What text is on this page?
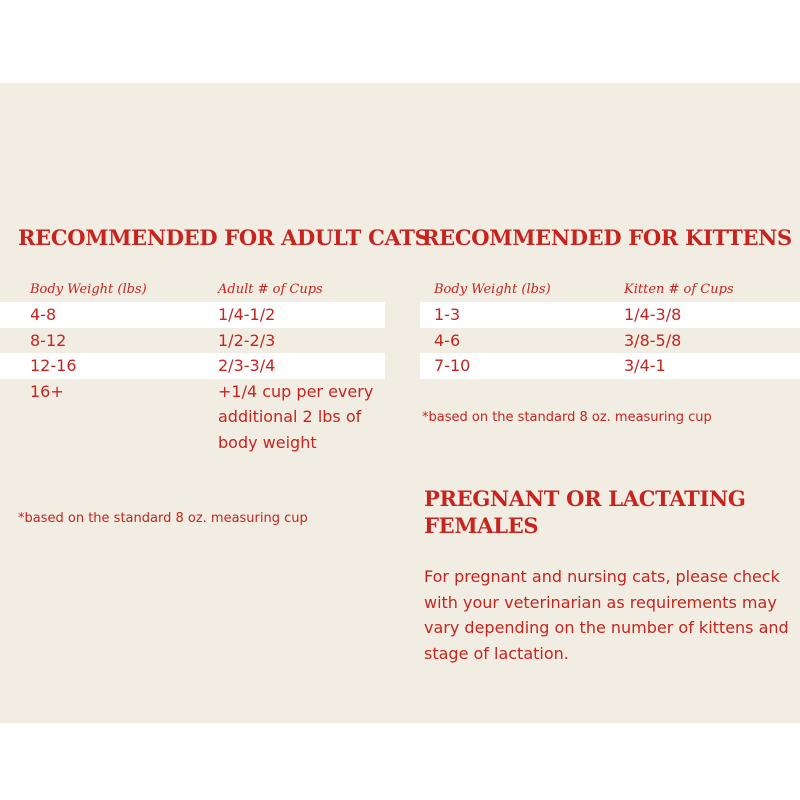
RECOMMENDED FOR ADULT CATS
Body Weight (lbs)	Adult # of Cups
4-8	1/4-1/2
8-12	1/2-2/3
12-16	2/3-3/4
16+	+1/4 cup per every additional 2 lbs of body weight
*based on the standard 8 oz. measuring cup
RECOMMENDED FOR KITTENS
Body Weight (lbs)	Kitten # of Cups
1-3	1/4-3/8
4-6	3/8-5/8
7-10	3/4-1
*based on the standard 8 oz. measuring cup
PREGNANT OR LACTATING FEMALES
For pregnant and nursing cats, please check with your veterinarian as requirements may vary depending on the number of kittens and stage of lactation.
